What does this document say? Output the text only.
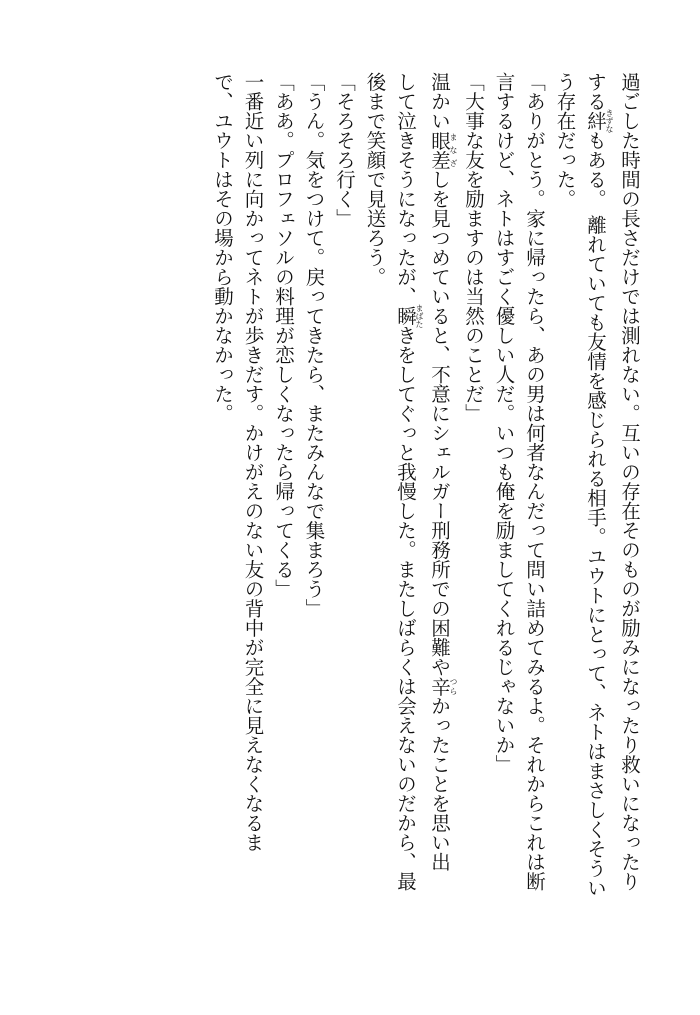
過ごした時間の長さだけでは測れない。互いの存在そのものが励みになったり救いになったり
する絆きずなもある。 離れていても友情を感じられる相手。ユウトにとって、ネトはまさしくそうい
う存在だった。
「ありがとう。家に帰ったら、あの男は何者なんだって問い詰めてみるよ。それからこれは断
言するけど、ネトはすごく優しい人だ。いつも俺を励ましてくれるじゃないか」
「大事な友を励ますのは当然のことだ」
温かい眼差まなざしを見つめていると、不意にシェルガー刑務所での困難や辛つらかったことを思い出
して泣きそうになったが、瞬まばたきをしてぐっと我慢した。またしばらくは会えないのだから、最
後まで笑顔で見送ろう。
「そろそろ行く」
「うん。気をつけて。戻ってきたら、またみんなで集まろう」
「ああ。プロフェソルの料理が恋しくなったら帰ってくる」
一番近い列に向かってネトが歩きだす。かけがえのない友の背中が完全に見えなくなるま
で、ユウトはその場から動かなかった。
